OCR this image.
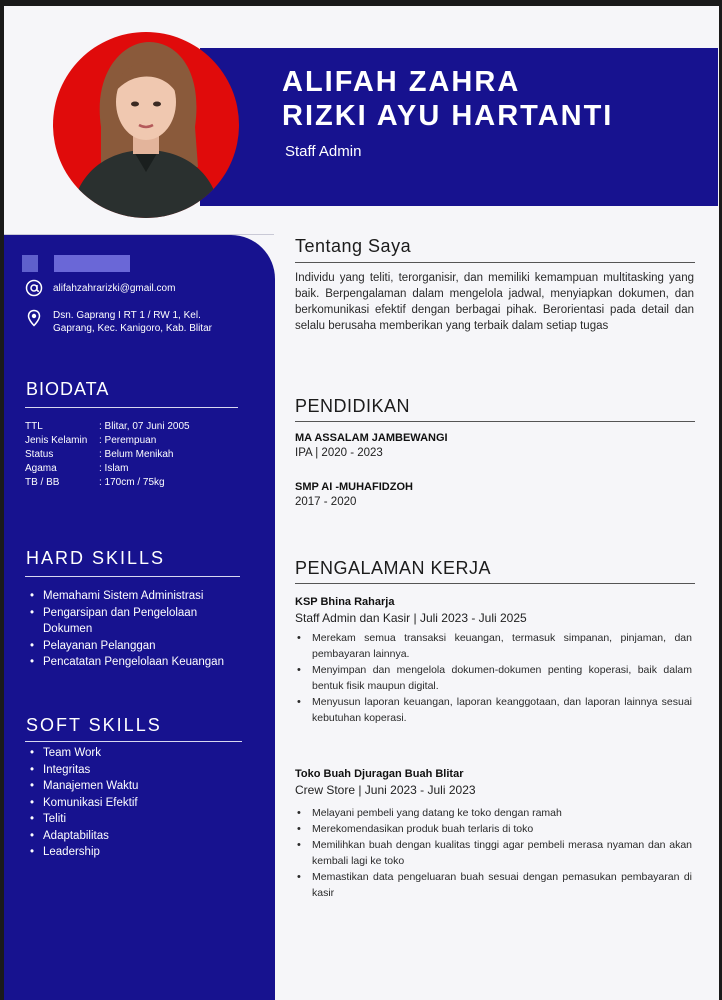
ALIFAH ZAHRA
RIZKI AYU HARTANTI
Staff Admin
alifahzahrarizki@gmail.com
Dsn. Gaprang I RT 1 / RW 1, Kel.
Gaprang, Kec. Kanigoro, Kab. Blitar
BIODATA
TTL	: Blitar, 07 Juni 2005
Jenis Kelamin	: Perempuan
Status	: Belum Menikah
Agama	: Islam
TB / BB	: 170cm / 75kg
HARD SKILLS
• Memahami Sistem Administrasi
• Pengarsipan dan Pengelolaan Dokumen
• Pelayanan Pelanggan
• Pencatatan Pengelolaan Keuangan
SOFT SKILLS
• Team Work
• Integritas
• Manajemen Waktu
• Komunikasi Efektif
• Teliti
• Adaptabilitas
• Leadership
Tentang Saya
Individu yang teliti, terorganisir, dan memiliki kemampuan multitasking yang baik. Berpengalaman dalam mengelola jadwal, menyiapkan dokumen, dan berkomunikasi efektif dengan berbagai pihak. Berorientasi pada detail dan selalu berusaha memberikan yang terbaik dalam setiap tugas
PENDIDIKAN
MA ASSALAM JAMBEWANGI
IPA | 2020 - 2023
SMP AI -MUHAFIDZOH
2017 - 2020
PENGALAMAN KERJA
KSP Bhina Raharja
Staff Admin dan Kasir | Juli 2023 - Juli 2025
• Merekam semua transaksi keuangan, termasuk simpanan, pinjaman, dan pembayaran lainnya.
• Menyimpan dan mengelola dokumen-dokumen penting koperasi, baik dalam bentuk fisik maupun digital.
• Menyusun laporan keuangan, laporan keanggotaan, dan laporan lainnya sesuai kebutuhan koperasi.
Toko Buah Djuragan Buah Blitar
Crew Store | Juni 2023 - Juli 2023
• Melayani pembeli yang datang ke toko dengan ramah
• Merekomendasikan produk buah terlaris di toko
• Memilihkan buah dengan kualitas tinggi agar pembeli merasa nyaman dan akan kembali lagi ke toko
• Memastikan data pengeluaran buah sesuai dengan pemasukan pembayaran di kasir
